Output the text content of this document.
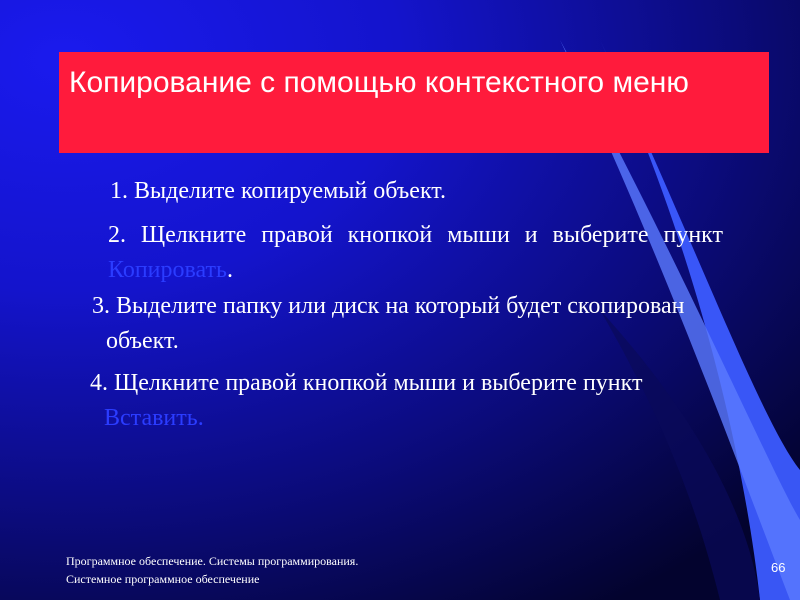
Копирование с помощью контекстного меню
1. Выделите копируемый объект.
2. Щелкните правой кнопкой мыши и выберите пункт Копировать.
3. Выделите папку или диск на который будет скопирован объект.
4. Щелкните правой кнопкой мыши и выберите пункт Вставить.
Программное обеспечение. Системы программирования. Системное программное обеспечение
66
